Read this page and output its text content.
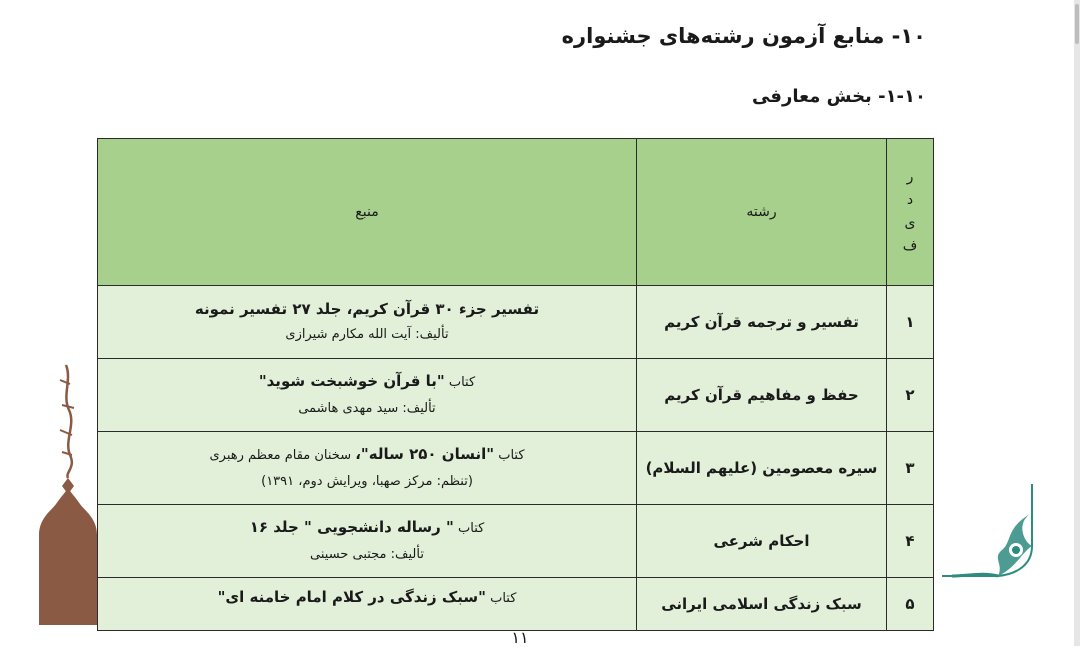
۱۰- منابع آزمون رشته‌های جشنواره
۱-۱۰- بخش معارفی
ر
د
ی
ف	رشته	منبع
۱	تفسیر و ترجمه قرآن کریم	تفسیر جزء ۳۰ قرآن کریم، جلد ۲۷ تفسیر نمونه
تألیف: آیت الله مکارم شیرازی

۲	حفظ و مفاهیم قرآن کریم	کتاب "با قرآن خوشبخت شوید"
تألیف: سید مهدی هاشمی

۳	سیره معصومین (علیهم السلام)	کتاب "انسان ۲۵۰ ساله"، سخنان مقام معظم رهبری
(تنظم: مرکز صهبا، ویرایش دوم، ۱۳۹۱)

۴	احکام شرعی	کتاب " رساله دانشجویی " جلد ۱۶
تألیف: مجتبی حسینی

۵	سبک زندگی اسلامی ایرانی	کتاب "سبک زندگی در کلام امام خامنه ای"
۱۱
